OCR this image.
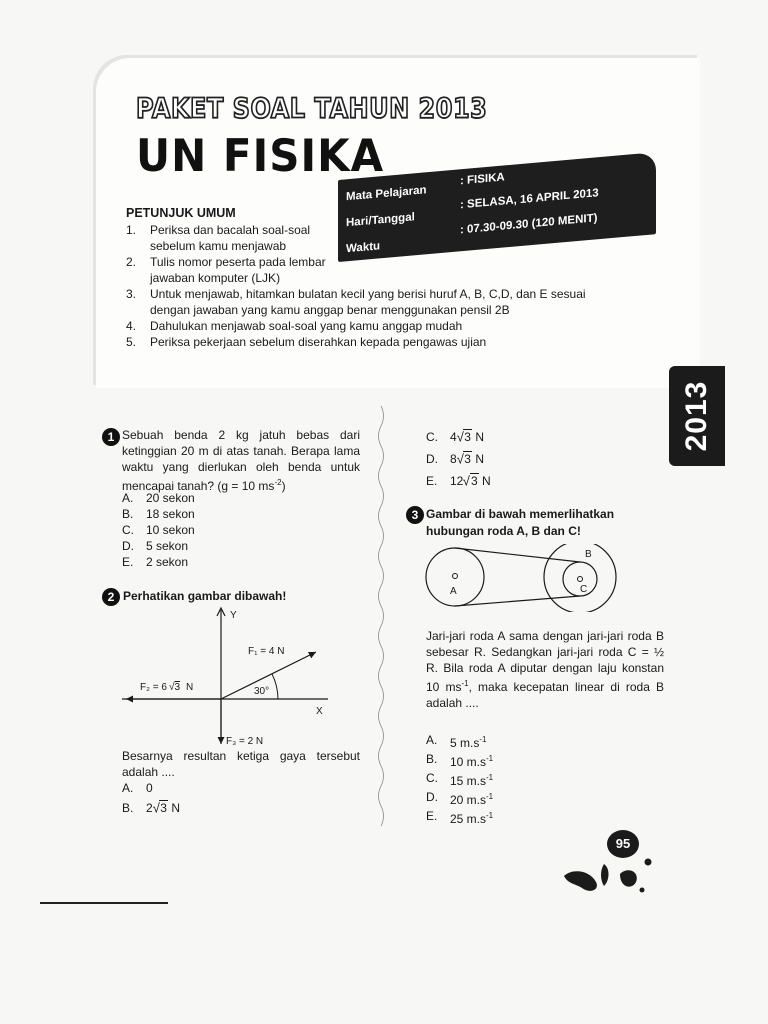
PAKET SOAL TAHUN 2013
UN FISIKA
Mata Pelajaran
: FISIKA
Hari/Tanggal
: SELASA, 16 APRIL 2013
Waktu
: 07.30-09.30 (120 MENIT)
PETUNJUK UMUM
1. Periksa dan bacalah soal-soal sebelum kamu menjawab
2. Tulis nomor peserta pada lembar jawaban komputer (LJK)
3. Untuk menjawab, hitamkan bulatan kecil yang berisi huruf A, B, C,D, dan E sesuai dengan jawaban yang kamu anggap benar menggunakan pensil 2B
4. Dahulukan menjawab soal-soal yang kamu anggap mudah
5. Periksa pekerjaan sebelum diserahkan kepada pengawas ujian
2013
1 Sebuah benda 2 kg jatuh bebas dari ketinggian 20 m di atas tanah. Berapa lama waktu yang dierlukan oleh benda untuk mencapai tanah? (g = 10 $ms^{-2}$)
A. 20 sekon
B. 18 sekon
C. 10 sekon
D. 5 sekon
E. 2 sekon
2 Perhatikan gambar dibawah!
Y
X
F₁ = 4 N
F₂ = 6 √3 N
F₃ = 2 N
30°
Besarnya resultan ketiga gaya tersebut adalah ....
A. 0
B. 2√3 N
C. 4√3 N
D. 8√3 N
E. 12√3 N
3 Gambar di bawah memerlihatkan hubungan roda A, B dan C!
A
B
C
Jari-jari roda A sama dengan jari-jari roda B sebesar R. Sedangkan jari-jari roda C = ½ R. Bila roda A diputar dengan laju konstan 10 $ms^{-1}$, maka kecepatan linear di roda B adalah ....
A. 5 $m.s^{-1}$
B. 10 $m.s^{-1}$
C. 15 $m.s^{-1}$
D. 20 $m.s^{-1}$
E. 25 $m.s^{-1}$
95
